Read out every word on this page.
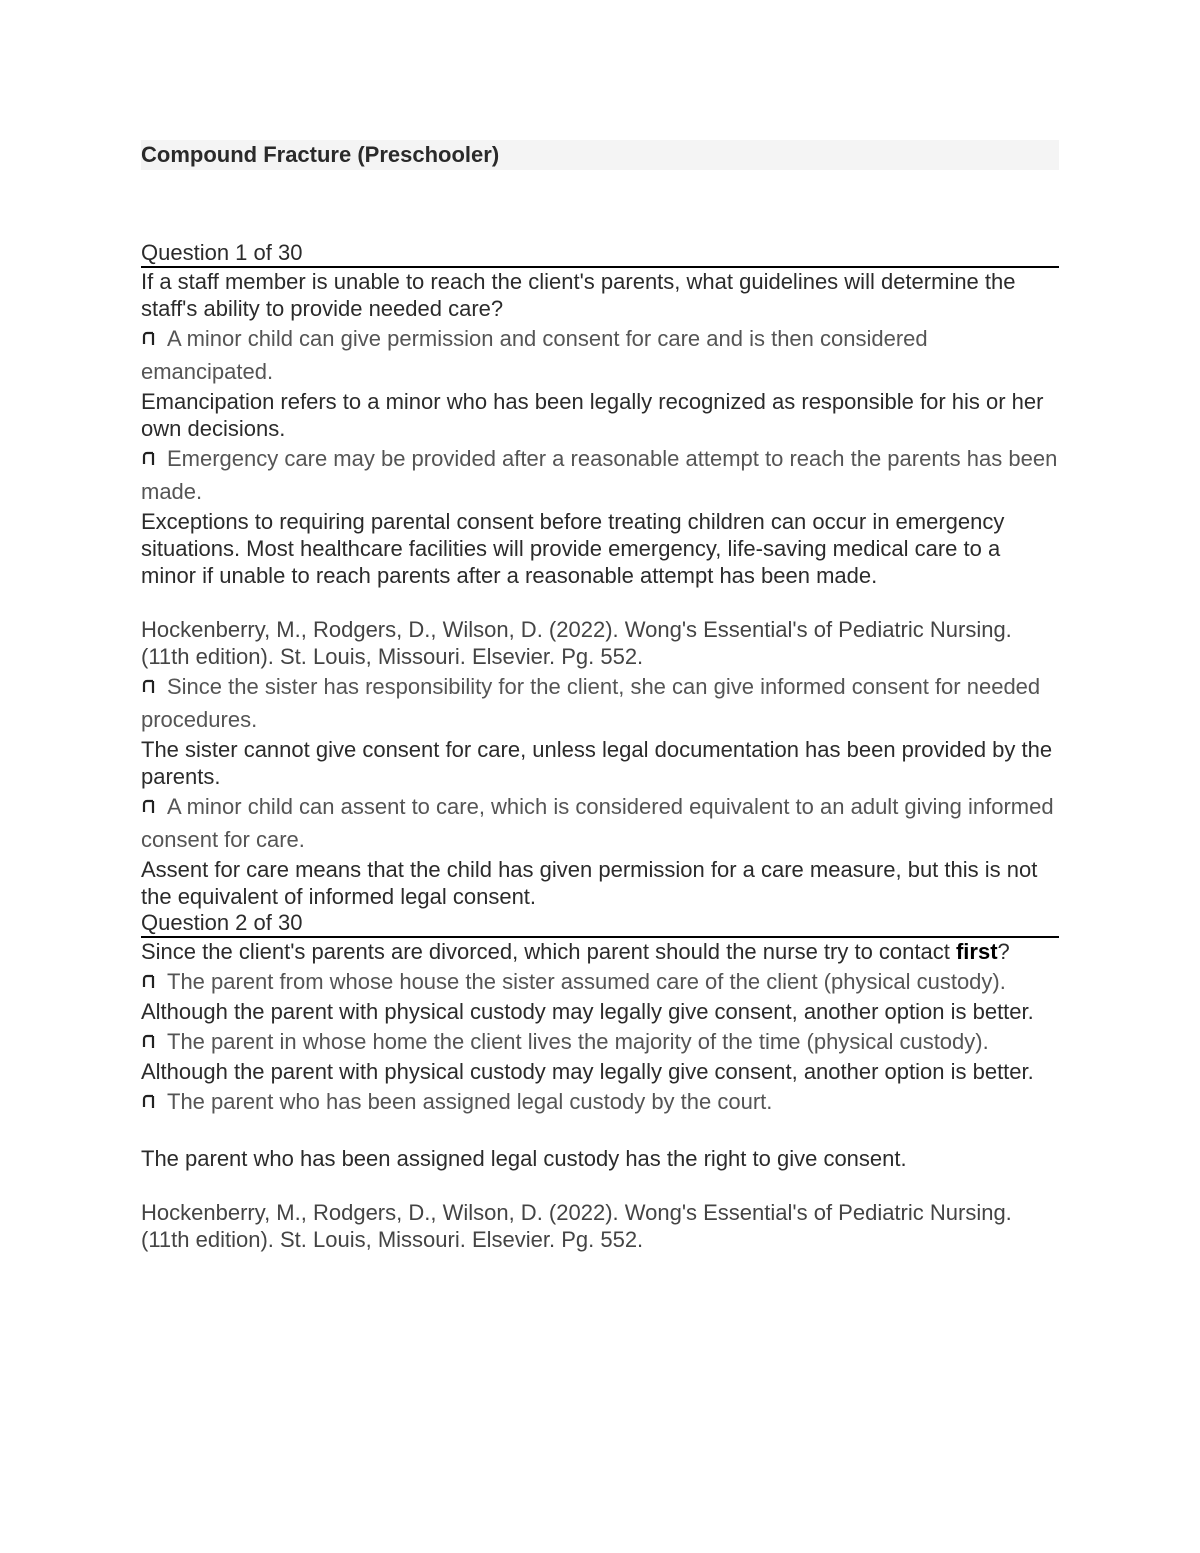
Compound Fracture (Preschooler)
Question 1 of 30
If a staff member is unable to reach the client's parents, what guidelines will determine the staff's ability to provide needed care?
A minor child can give permission and consent for care and is then considered emancipated.
Emancipation refers to a minor who has been legally recognized as responsible for his or her own decisions.
Emergency care may be provided after a reasonable attempt to reach the parents has been made.
Exceptions to requiring parental consent before treating children can occur in emergency situations. Most healthcare facilities will provide emergency, life-saving medical care to a minor if unable to reach parents after a reasonable attempt has been made.
Hockenberry, M., Rodgers, D., Wilson, D. (2022). Wong's Essential's of Pediatric Nursing. (11th edition). St. Louis, Missouri. Elsevier. Pg. 552.
Since the sister has responsibility for the client, she can give informed consent for needed procedures.
The sister cannot give consent for care, unless legal documentation has been provided by the parents.
A minor child can assent to care, which is considered equivalent to an adult giving informed consent for care.
Assent for care means that the child has given permission for a care measure, but this is not the equivalent of informed legal consent.
Question 2 of 30
Since the client's parents are divorced, which parent should the nurse try to contact first?
The parent from whose house the sister assumed care of the client (physical custody).
Although the parent with physical custody may legally give consent, another option is better.
The parent in whose home the client lives the majority of the time (physical custody).
Although the parent with physical custody may legally give consent, another option is better.
The parent who has been assigned legal custody by the court.
The parent who has been assigned legal custody has the right to give consent.
Hockenberry, M., Rodgers, D., Wilson, D. (2022). Wong's Essential's of Pediatric Nursing. (11th edition). St. Louis, Missouri. Elsevier. Pg. 552.
